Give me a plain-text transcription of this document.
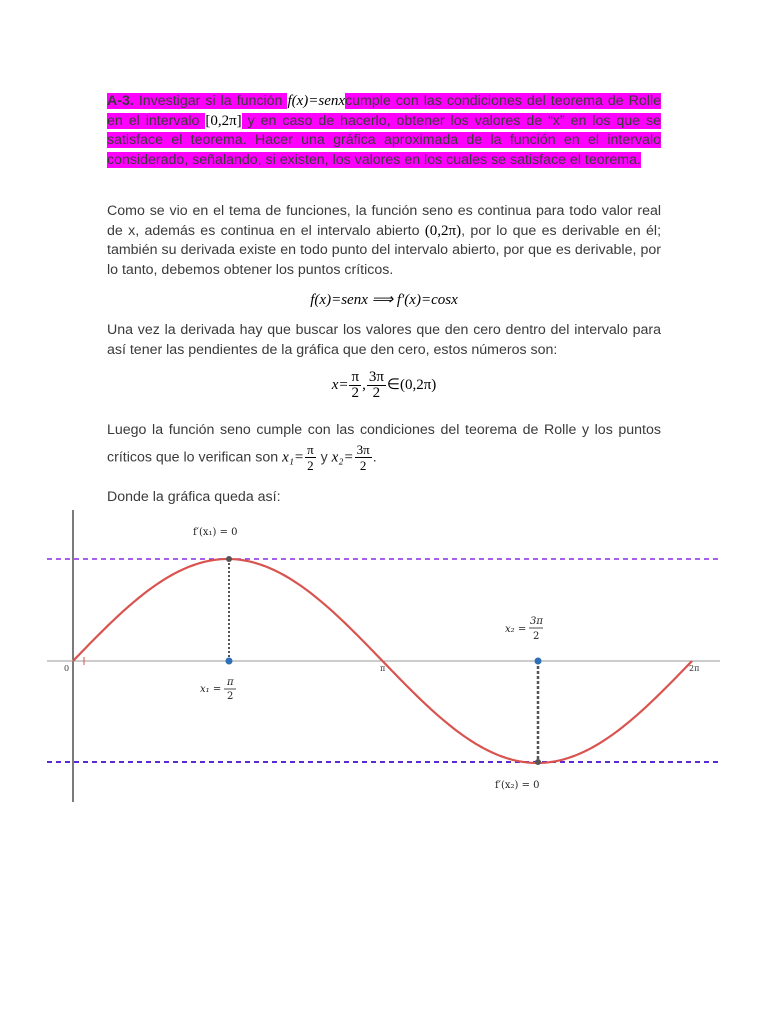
A-3. Investigar si la función f(x)=senxcumple con las condiciones del teorema de Rolle en el intervalo [0,2π] y en caso de hacerlo, obtener los valores de “x” en los que se satisface el teorema. Hacer una gráfica aproximada de la función en el intervalo considerado, señalando, si existen, los valores en los cuales se satisface el teorema.
Como se vio en el tema de funciones, la función seno es continua para todo valor real de x, además es continua en el intervalo abierto (0,2π), por lo que es derivable en él; también su derivada existe en todo punto del intervalo abierto, por que es derivable, por lo tanto, debemos obtener los puntos críticos.
f(x)=senx ⟹ f′(x)=cosx
Una vez la derivada hay que buscar los valores que den cero dentro del intervalo para así tener las pendientes de la gráfica que den cero, estos números son:
$x= \frac{\pi}{2}$ , $\frac{3\pi}{2}$ ∈(0,2π)
Luego la función seno cumple con las condiciones del teorema de Rolle y los puntos críticos que lo verifican son $x_1= \frac{\pi}{2}$ y $x_2= \frac{3\pi}{2}$ .
Donde la gráfica queda así:
0	π	2π
f′(x₁) = 0
f′(x₂) = 0
x₁ =
π
2
x₂ =
3π
2
